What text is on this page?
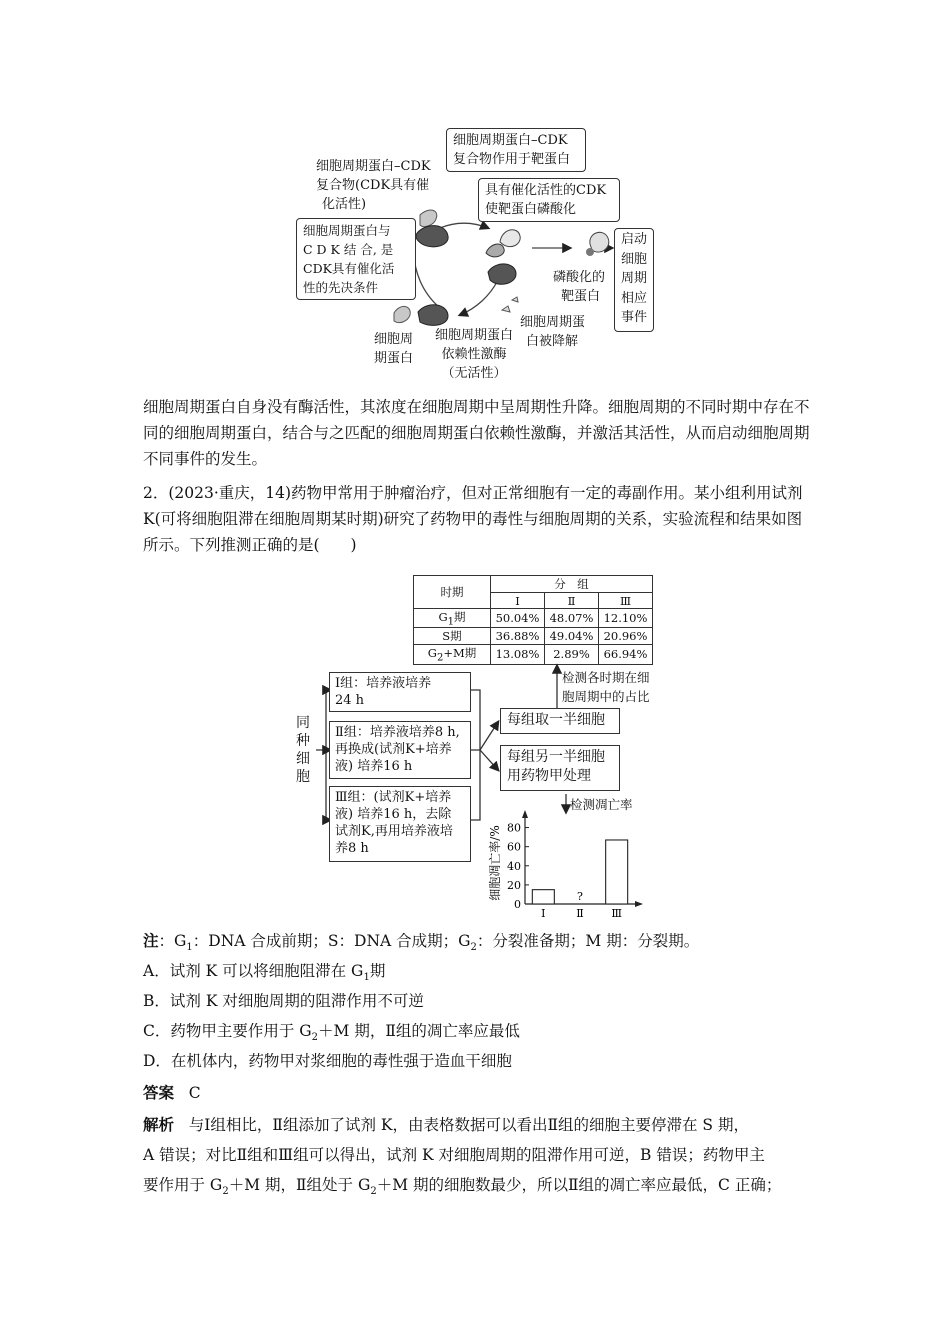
细胞周期蛋白–CDK
复合物作用于靶蛋白
细胞周期蛋白–CDK
复合物(CDK具有催
化活性)
具有催化活性的CDK
使靶蛋白磷酸化
细胞周期蛋白与
C D K 结 合, 是
CDK具有催化活
性的先决条件
启动
细胞
周期
相应
事件
磷酸化的
靶蛋白
细胞周
期蛋白
细胞周期蛋白
依赖性激酶
（无活性）
细胞周期蛋
白被降解
细胞周期蛋白自身没有酶活性，其浓度在细胞周期中呈周期性升降。细胞周期的不同时期中存在不同的细胞周期蛋白，结合与之匹配的细胞周期蛋白依赖性激酶，并激活其活性，从而启动细胞周期不同事件的发生。
2．(2023·重庆，14)药物甲常用于肿瘤治疗，但对正常细胞有一定的毒副作用。某小组利用试剂K(可将细胞阻滞在细胞周期某时期)研究了药物甲的毒性与细胞周期的关系，实验流程和结果如图所示。下列推测正确的是(　　)
时期	分　组		
	Ⅰ	Ⅱ	Ⅲ
$G_1$期	50.04%	48.07%	12.10%
S期	36.88%	49.04%	20.96%
$G_2+M$期	13.08%	2.89%	66.94%
同种细胞
Ⅰ组：培养液培养
24 h
Ⅱ组：培养液培养8 h,
再换成(试剂K+培养
液) 培养16 h
Ⅲ组：(试剂K+培养
液) 培养16 h，去除
试剂K,再用培养液培
养8 h
每组取一半细胞
每组另一半细胞
用药物甲处理
检测各时期在细
胞周期中的占比
检测凋亡率
0
20
40
60
80
细胞凋亡率/%
Ⅰ	Ⅱ
?
Ⅲ
注：$G_1$：DNA 合成前期；S：DNA 合成期；$G_2$：分裂准备期；M 期：分裂期。
A．试剂 K 可以将细胞阻滞在 $G_1$期
B．试剂 K 对细胞周期的阻滞作用不可逆
C．药物甲主要作用于 $G_2+M$ 期，Ⅱ组的凋亡率应最低
D．在机体内，药物甲对浆细胞的毒性强于造血干细胞
答案 C
解析 与Ⅰ组相比，Ⅱ组添加了试剂 K，由表格数据可以看出Ⅱ组的细胞主要停滞在 S 期，
A 错误；对比Ⅱ组和Ⅲ组可以得出，试剂 K 对细胞周期的阻滞作用可逆，B 错误；药物甲主
要作用于 $G_2+M$ 期，Ⅱ组处于 $G_2+M$ 期的细胞数最少，所以Ⅱ组的凋亡率应最低，C 正确；
